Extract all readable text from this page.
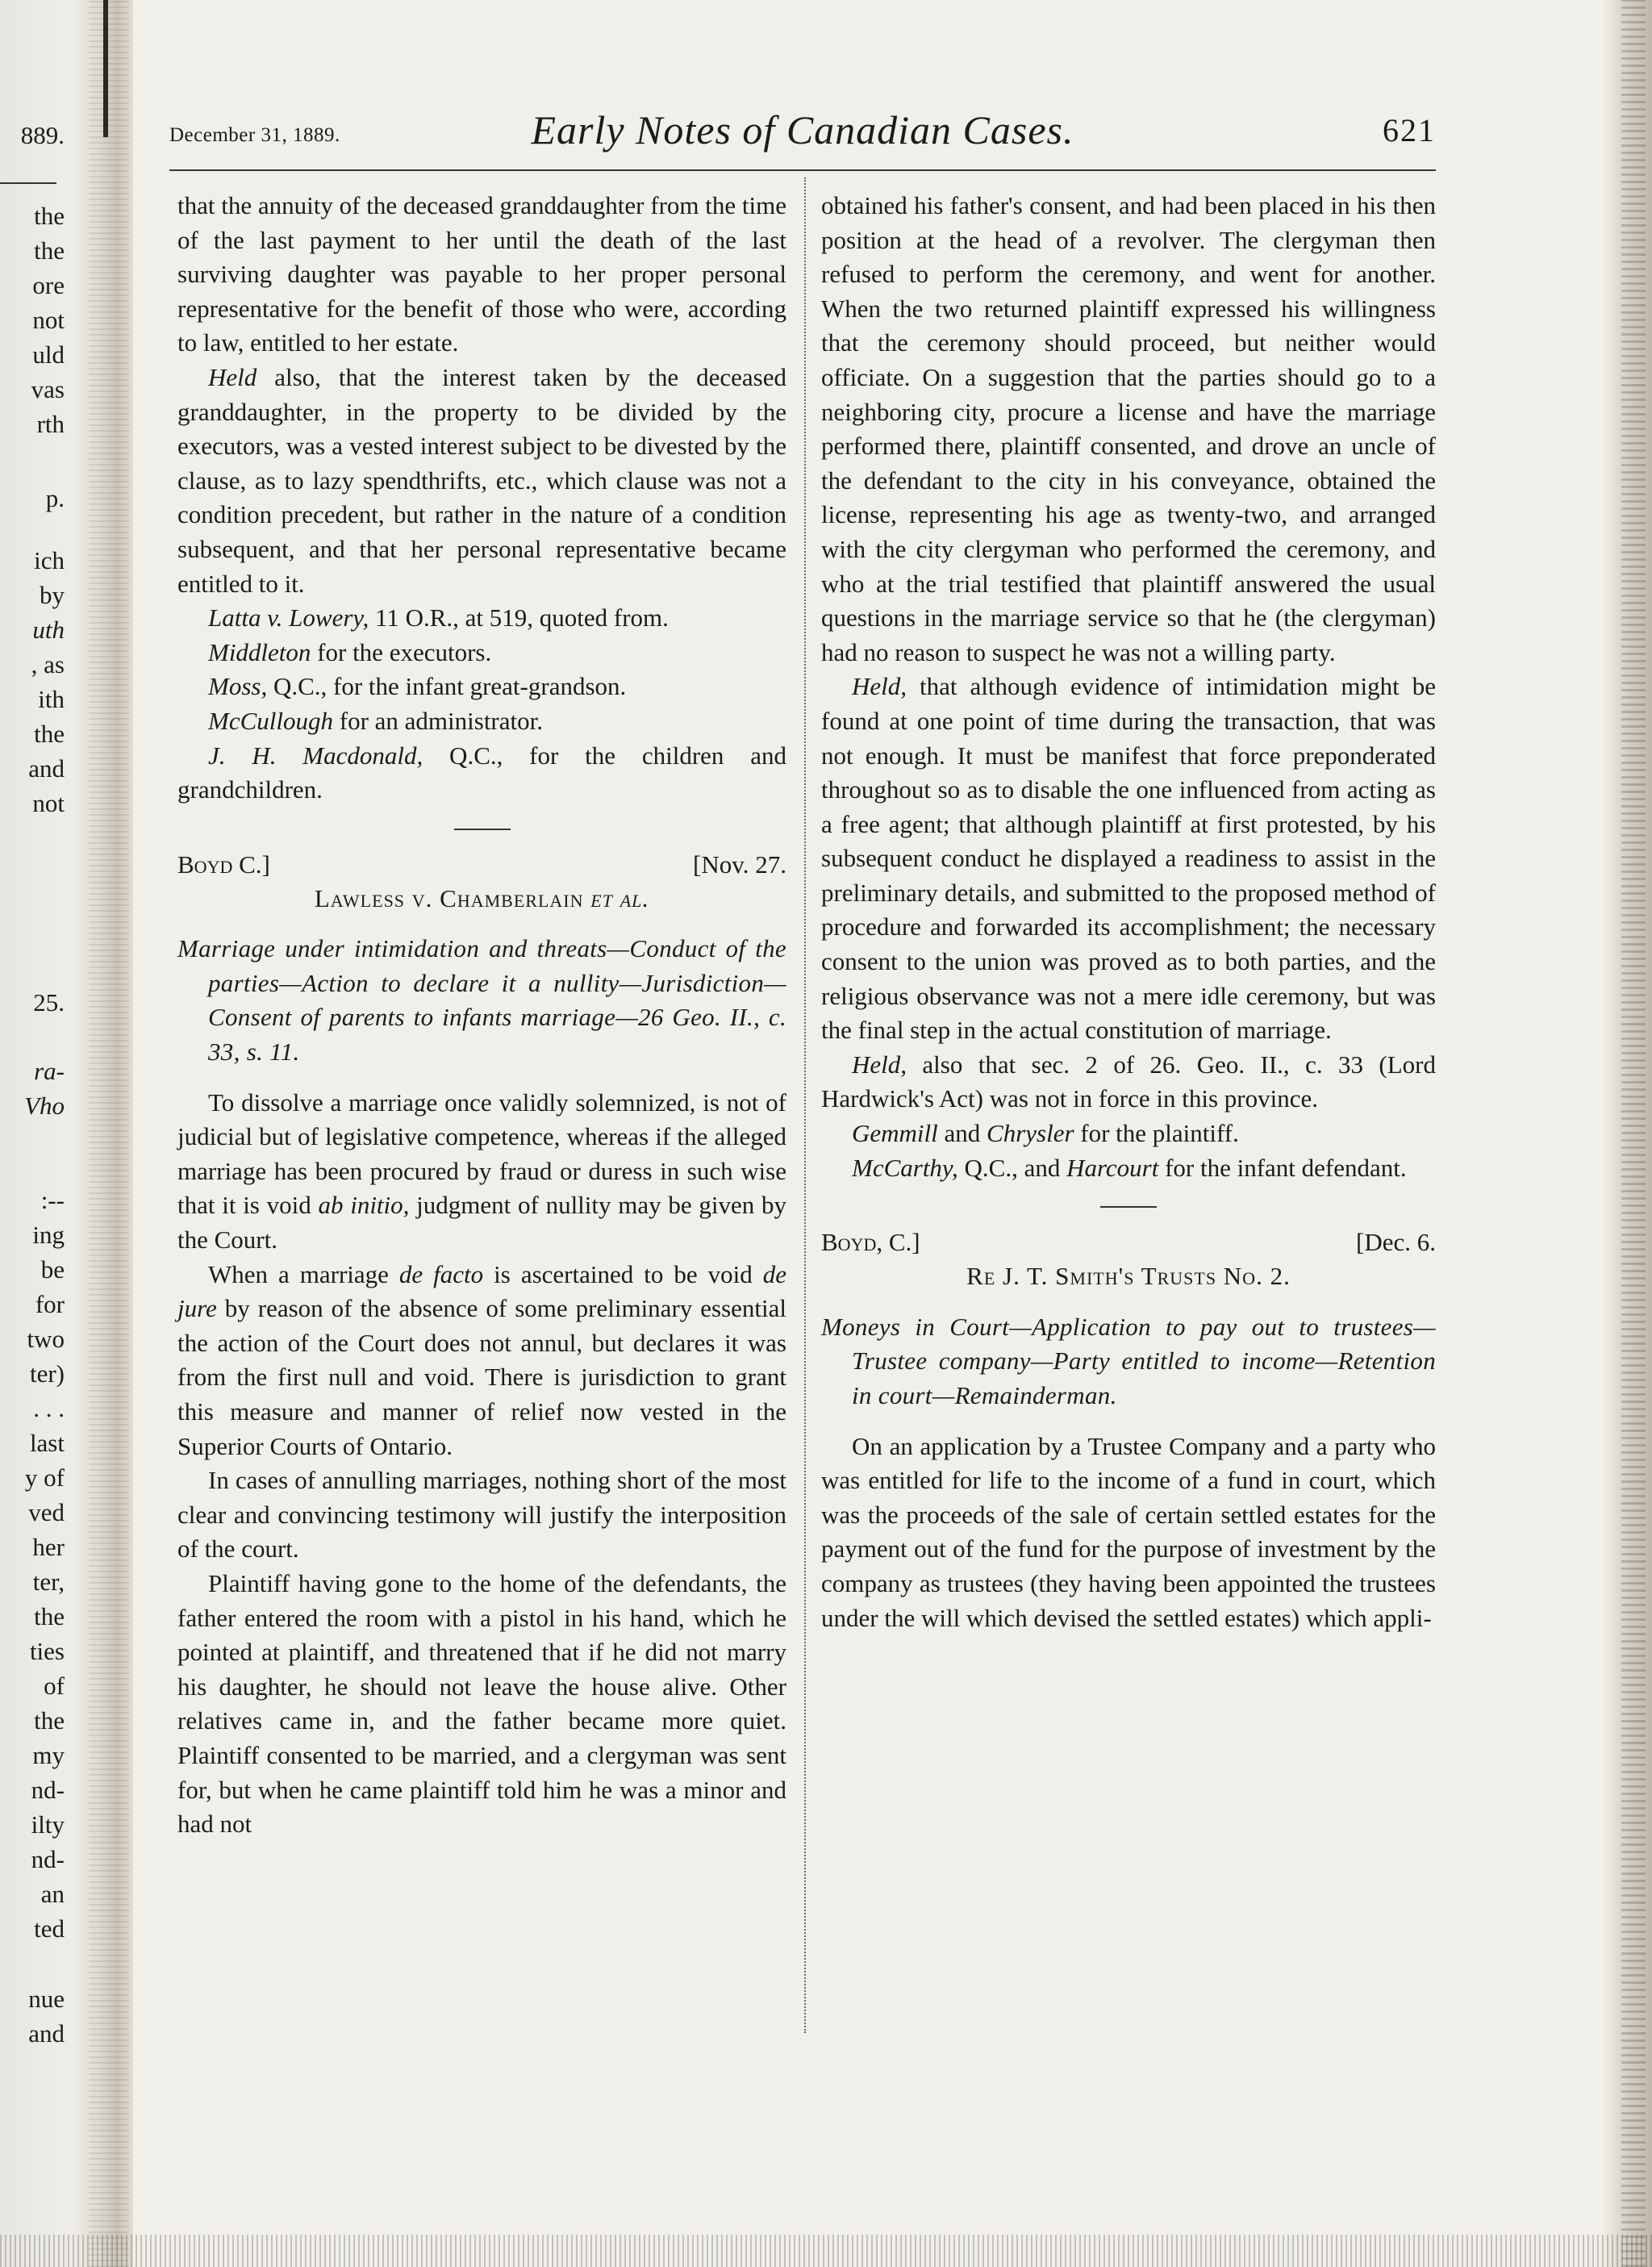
889.
the
the
ore
not
uld
vas
rth
p.
ich
by
uth
, as
ith
the
and
not
25.
ra-
Vho
:--
ing
be
for
two
ter)
. . .
last
y of
ved
her
ter,
the
ties
of
the
my
nd-
ilty
nd-
an
ted
nue
and
December 31, 1889.	Early Notes of Canadian Cases.	621

that the annuity of the deceased granddaughter from the time of the last payment to her until the death of the last surviving daughter was payable to her proper personal representative for the benefit of those who were, according to law, entitled to her estate.

Held also, that the interest taken by the deceased granddaughter, in the property to be divided by the executors, was a vested interest subject to be divested by the clause, as to lazy spendthrifts, etc., which clause was not a condition precedent, but rather in the nature of a condition subsequent, and that her personal representative became entitled to it.

Latta v. Lowery, 11 O.R., at 519, quoted from.

Middleton for the executors.

Moss, Q.C., for the infant great-grandson.

McCullough for an administrator.

J. H. Macdonald, Q.C., for the children and grandchildren.

Boyd C.]	[Nov. 27.
Lawless v. Chamberlain et al.

Marriage under intimidation and threats—Conduct of the parties—Action to declare it a nullity—Jurisdiction—Consent of parents to infants marriage—26 Geo. II., c. 33, s. 11.

To dissolve a marriage once validly solemnized, is not of judicial but of legislative competence, whereas if the alleged marriage has been procured by fraud or duress in such wise that it is void ab initio, judgment of nullity may be given by the Court.

When a marriage de facto is ascertained to be void de jure by reason of the absence of some preliminary essential the action of the Court does not annul, but declares it was from the first null and void. There is jurisdiction to grant this measure and manner of relief now vested in the Superior Courts of Ontario.

In cases of annulling marriages, nothing short of the most clear and convincing testimony will justify the interposition of the court.

Plaintiff having gone to the home of the defendants, the father entered the room with a pistol in his hand, which he pointed at plaintiff, and threatened that if he did not marry his daughter, he should not leave the house alive. Other relatives came in, and the father became more quiet. Plaintiff consented to be married, and a clergyman was sent for, but when he came plaintiff told him he was a minor and had not

obtained his father's consent, and had been placed in his then position at the head of a revolver. The clergyman then refused to perform the ceremony, and went for another. When the two returned plaintiff expressed his willingness that the ceremony should proceed, but neither would officiate. On a suggestion that the parties should go to a neighboring city, procure a license and have the marriage performed there, plaintiff consented, and drove an uncle of the defendant to the city in his conveyance, obtained the license, representing his age as twenty-two, and arranged with the city clergyman who performed the ceremony, and who at the trial testified that plaintiff answered the usual questions in the marriage service so that he (the clergyman) had no reason to suspect he was not a willing party.

Held, that although evidence of intimidation might be found at one point of time during the transaction, that was not enough. It must be manifest that force preponderated throughout so as to disable the one influenced from acting as a free agent; that although plaintiff at first protested, by his subsequent conduct he displayed a readiness to assist in the preliminary details, and submitted to the proposed method of procedure and forwarded its accomplishment; the necessary consent to the union was proved as to both parties, and the religious observance was not a mere idle ceremony, but was the final step in the actual constitution of marriage.

Held, also that sec. 2 of 26. Geo. II., c. 33 (Lord Hardwick's Act) was not in force in this province.

Gemmill and Chrysler for the plaintiff.

McCarthy, Q.C., and Harcourt for the infant defendant.

Boyd, C.]	[Dec. 6.
Re J. T. Smith's Trusts No. 2.

Moneys in Court—Application to pay out to trustees—Trustee company—Party entitled to income—Retention in court—Remainderman.

On an application by a Trustee Company and a party who was entitled for life to the income of a fund in court, which was the proceeds of the sale of certain settled estates for the payment out of the fund for the purpose of investment by the company as trustees (they having been appointed the trustees under the will which devised the settled estates) which appli-
